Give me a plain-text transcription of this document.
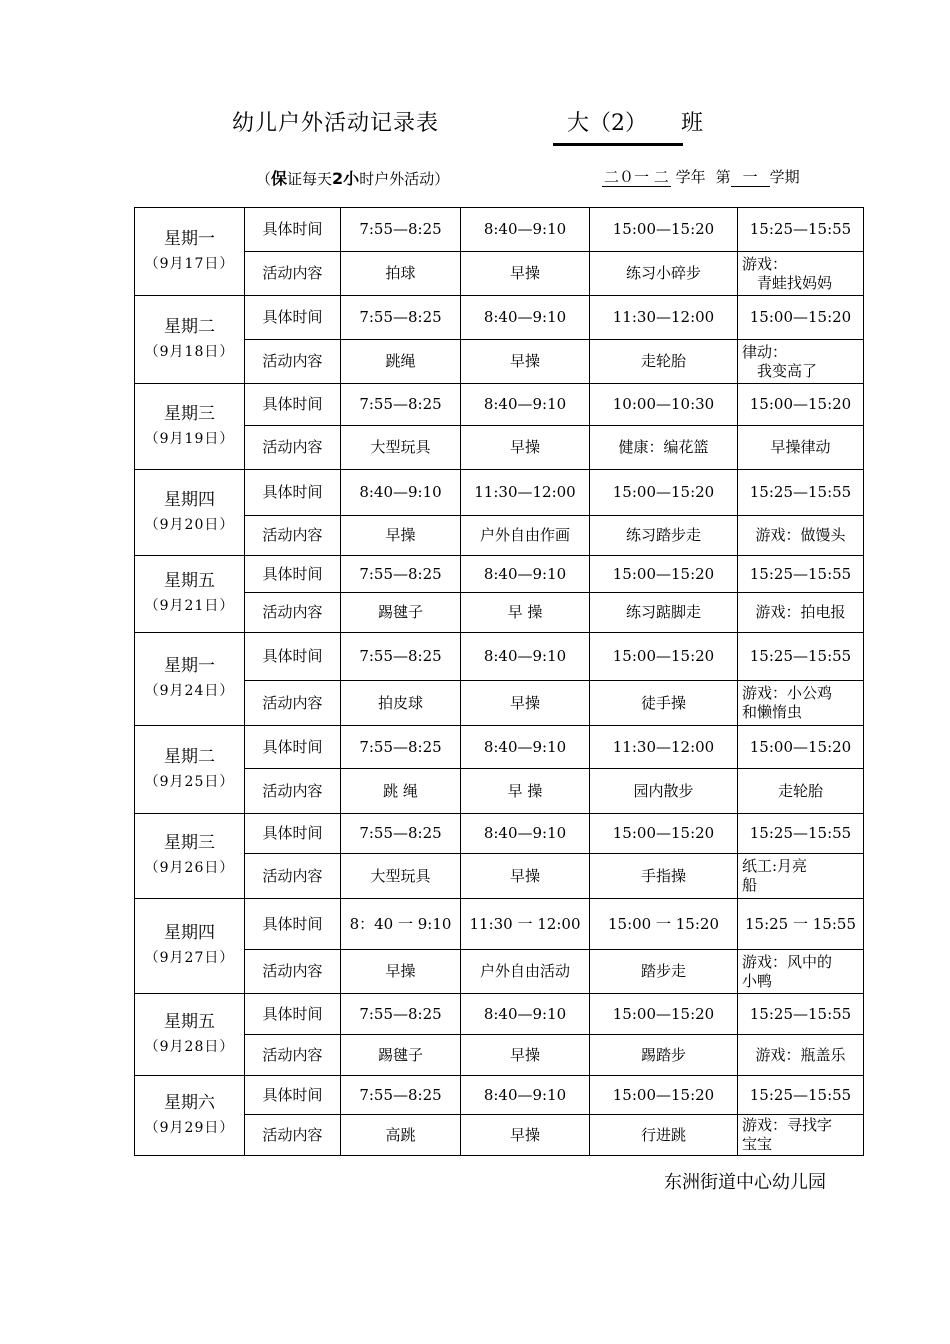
幼儿户外活动记录表	大（2） 班
（保证每天2小时户外活动）	二０一 二 学年 第 一 学期
星期一
（9月17日）	具体时间	7:55—8:25	8:40—9:10	15:00—15:20	15:25—15:55
	活动内容	拍球	早操	练习小碎步	游戏：
　青蛙找妈妈

星期二
（9月18日）	具体时间	7:55—8:25	8:40—9:10	11:30—12:00	15:00—15:20
	活动内容	跳绳	早操	走轮胎	律动：
　我变高了

星期三
（9月19日）	具体时间	7:55—8:25	8:40—9:10	10:00—10:30	15:00—15:20
	活动内容	大型玩具	早操	健康：编花篮	早操律动

星期四
（9月20日）	具体时间	8:40—9:10	11:30—12:00	15:00—15:20	15:25—15:55
	活动内容	早操	户外自由作画	练习踏步走	游戏：做馒头

星期五
（9月21日）	具体时间	7:55—8:25	8:40—9:10	15:00—15:20	15:25—15:55
	活动内容	踢毽子	早 操	练习踮脚走	游戏：拍电报

星期一
（9月24日）	具体时间	7:55—8:25	8:40—9:10	15:00—15:20	15:25—15:55
	活动内容	拍皮球	早操	徒手操	游戏：小公鸡
和懒惰虫

星期二
（9月25日）	具体时间	7:55—8:25	8:40—9:10	11:30—12:00	15:00—15:20
	活动内容	跳 绳	早 操	园内散步	走轮胎

星期三
（9月26日）	具体时间	7:55—8:25	8:40—9:10	15:00—15:20	15:25—15:55
	活动内容	大型玩具	早操	手指操	纸工:月亮
船

星期四
（9月27日）	具体时间	8：40 一 9:10	11:30 一 12:00	15:00 一 15:20	15:25 一 15:55
	活动内容	早操	户外自由活动	踏步走	游戏：风中的
小鸭

星期五
（9月28日）	具体时间	7:55—8:25	8:40—9:10	15:00—15:20	15:25—15:55
	活动内容	踢毽子	早操	踢踏步	游戏：瓶盖乐

星期六
（9月29日）	具体时间	7:55—8:25	8:40—9:10	15:00—15:20	15:25—15:55
	活动内容	高跳	早操	行进跳	游戏：寻找字
宝宝
东洲街道中心幼儿园
